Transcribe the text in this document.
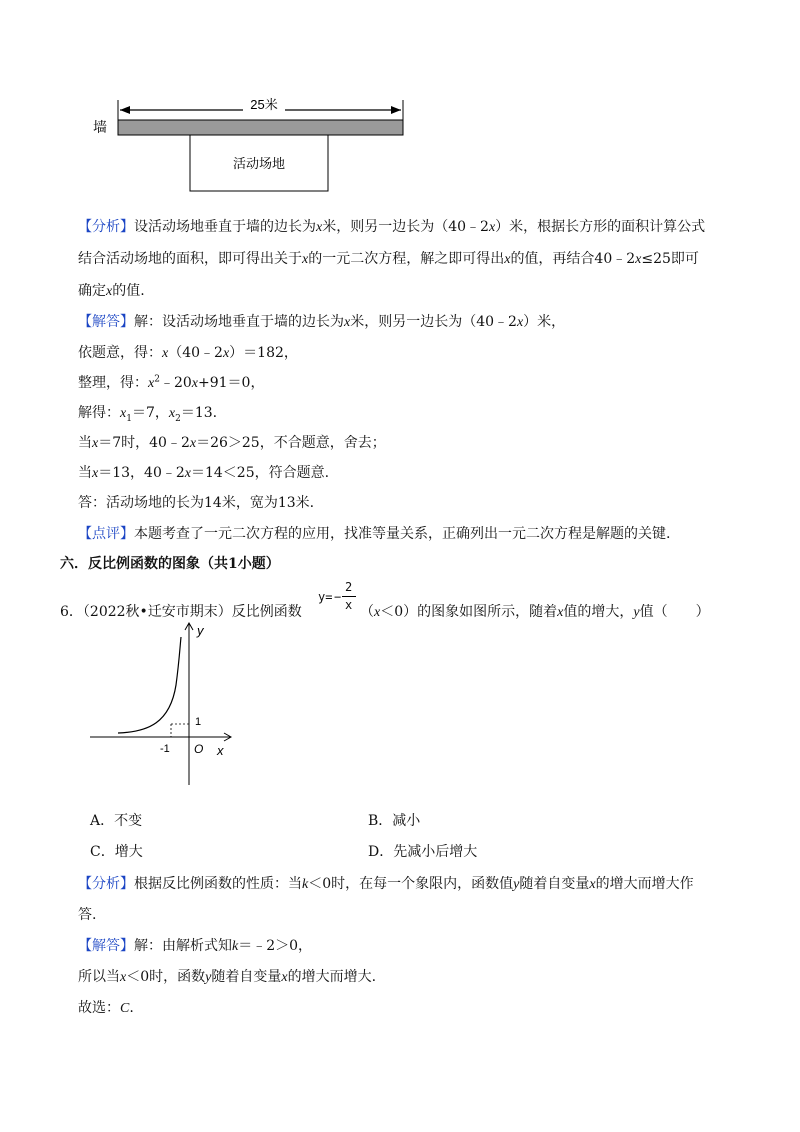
25米
墙
活动场地
【分析】设活动场地垂直于墙的边长为x米，则另一边长为（40﹣2x）米，根据长方形的面积计算公式
结合活动场地的面积，即可得出关于x的一元二次方程，解之即可得出x的值，再结合40﹣2x≤25即可
确定x的值.
【解答】解：设活动场地垂直于墙的边长为x米，则另一边长为（40﹣2x）米，
依题意，得：x（40﹣2x）＝182，
整理，得：$x^2﹣20x+91=0$，
解得：$x_1=7$，$x_2=13$.
当x＝7时，40﹣2x＝26＞25，不合题意，舍去；
当x＝13，40﹣2x＝14＜25，符合题意.
答：活动场地的长为14米，宽为13米.
【点评】本题考查了一元二次方程的应用，找准等量关系，正确列出一元二次方程是解题的关键.
六．反比例函数的图象（共1小题）
y= −
2
x
6．（2022秋•迁安市期末）反比例函数	（x＜0）的图象如图所示，随着x值的增大，y值（　　）
y
1
-1 O x
A．不变	B．减小
C．增大	D．先减小后增大
【分析】根据反比例函数的性质：当k＜0时，在每一个象限内，函数值y随着自变量x的增大而增大作
答.
【解答】解：由解析式知k＝﹣2＞0，
所以当x＜0时，函数y随着自变量x的增大而增大.
故选：C.
